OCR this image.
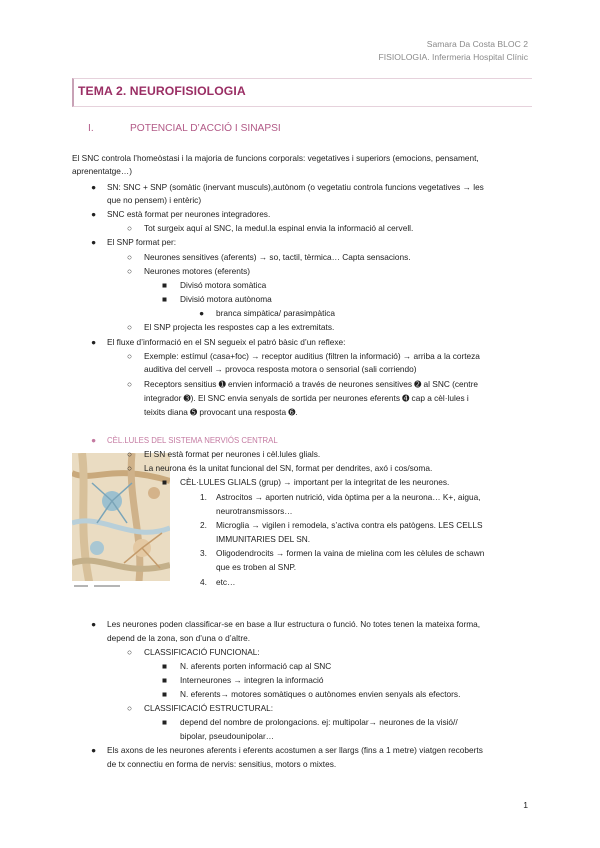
Samara Da Costa BLOC 2
FISIOLOGIA. Infermeria Hospital Clínic
TEMA 2. NEUROFISIOLOGIA
I.	POTENCIAL D’ACCIÓ I SINAPSI
El SNC controla l’homeòstasi i la majoria de funcions corporals: vegetatives i superiors (emocions, pensament,
aprenentatge…)
● SN: SNC + SNP (somàtic (inervant musculs),autònom (o vegetatiu controla funcions vegetatives → les
que no pensem) i entèric)
● SNC està format per neurones integradores.
○ Tot surgeix aquí al SNC, la medul.la espinal envia la informació al cervell.
● El SNP format per:
○ Neurones sensitives (aferents) → so, tactil, tèrmica… Capta sensacions.
○ Neurones motores (eferents)
■ Divisó motora somàtica
■ Divisió motora autònoma
● branca simpàtica/ parasimpàtica
○ El SNP projecta les respostes cap a les extremitats.
● El fluxe d’informació en el SN segueix el patró bàsic d’un reflexe:
○ Exemple: estímul (casa+foc) → receptor auditius (filtren la informació) → arriba a la corteza
auditiva del cervell → provoca resposta motora o sensorial (sali corriendo)
○ Receptors sensitius ➊ envien informació a través de neurones sensitives ➋ al SNC (centre
integrador ➌). El SNC envia senyals de sortida per neurones eferents ➍ cap a cèl·lules i
teixits diana ➎ provocant una resposta ➏.
● CÈL.LULES DEL SISTEMA NERVIÓS CENTRAL
○ El SN està format per neurones i cèl.lules glials.
○ La neurona és la unitat funcional del SN, format per dendrites, axó i cos/soma.
■ CÈL·LULES GLIALS (grup) → important per la integritat de les neurones.
1. Astrocitos → aporten nutrició, vida òptima per a la neurona… K+, aigua,
neurotransmissors…
2. Microglia → vigilen i remodela, s’activa contra els patògens. LES CELLS
IMMUNITARIES DEL SN.
3. Oligodendrocits → formen la vaina de mielina com les cèlules de schawn
que es troben al SNP.
4. etc…
● Les neurones poden classificar-se en base a llur estructura o funció. No totes tenen la mateixa forma,
depend de la zona, son d’una o d’altre.
○ CLASSIFICACIÓ FUNCIONAL:
■ N. aferents porten informació cap al SNC
■ Interneurones → integren la informació
■ N. eferents→ motores somàtiques o autònomes envien senyals als efectors.
○ CLASSIFICACIÓ ESTRUCTURAL:
■ depend del nombre de prolongacions. ej: multipolar→ neurones de la visió//
bipolar, pseudounipolar…
● Els axons de les neurones aferents i eferents acostumen a ser llargs (fins a 1 metre) viatgen recoberts
de tx connectiu en forma de nervis: sensitius, motors o mixtes.
1
